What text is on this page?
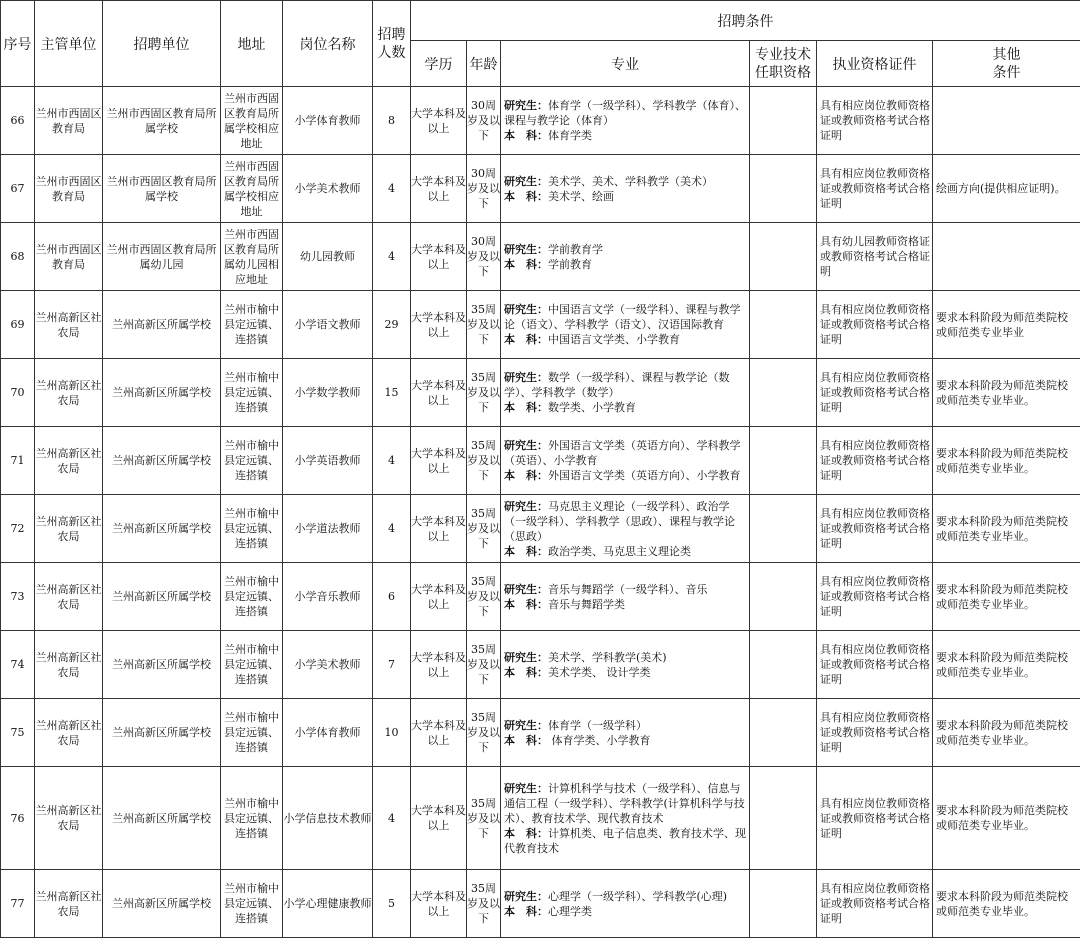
序号	主管单位	招聘单位	地址	岗位名称	招聘
人数	招聘条件					
						学历	年龄	专业	专业技术
任职资格	执业资格证件	其他
条件
66	兰州市西固区教育局	兰州市西固区教育局所属学校	兰州市西固区教育局所属学校相应地址	小学体育教师	8	大学本科及以上	30周岁及以下	研究生：体育学（一级学科）、学科教学（体育）、课程与教学论（体育）
本　科：体育学类		具有相应岗位教师资格证或教师资格考试合格证明	
67	兰州市西固区教育局	兰州市西固区教育局所属学校	兰州市西固区教育局所属学校相应地址	小学美术教师	4	大学本科及以上	30周岁及以下	研究生：美术学、美术、学科教学（美术）
本　科：美术学、绘画		具有相应岗位教师资格证或教师资格考试合格证明	绘画方向(提供相应证明)。
68	兰州市西固区教育局	兰州市西固区教育局所属幼儿园	兰州市西固区教育局所属幼儿园相应地址	幼儿园教师	4	大学本科及以上	30周岁及以下	研究生：学前教育学
本　科：学前教育		具有幼儿园教师资格证或教师资格考试合格证明	
69	兰州高新区社农局	兰州高新区所属学校	兰州市榆中县定远镇、连搭镇	小学语文教师	29	大学本科及以上	35周岁及以下	研究生：中国语言文学（一级学科）、课程与教学论（语文）、学科教学（语文）、汉语国际教育
本　科：中国语言文学类、小学教育		具有相应岗位教师资格证或教师资格考试合格证明	要求本科阶段为师范类院校或师范类专业毕业
70	兰州高新区社农局	兰州高新区所属学校	兰州市榆中县定远镇、连搭镇	小学数学教师	15	大学本科及以上	35周岁及以下	研究生：数学（一级学科）、课程与教学论（数学）、学科教学（数学）
本　科：数学类、小学教育		具有相应岗位教师资格证或教师资格考试合格证明	要求本科阶段为师范类院校或师范类专业毕业。
71	兰州高新区社农局	兰州高新区所属学校	兰州市榆中县定远镇、连搭镇	小学英语教师	4	大学本科及以上	35周岁及以下	研究生：外国语言文学类（英语方向）、学科教学（英语）、小学教育
本　科：外国语言文学类（英语方向）、小学教育		具有相应岗位教师资格证或教师资格考试合格证明	要求本科阶段为师范类院校或师范类专业毕业。
72	兰州高新区社农局	兰州高新区所属学校	兰州市榆中县定远镇、连搭镇	小学道法教师	4	大学本科及以上	35周岁及以下	研究生：马克思主义理论（一级学科）、政治学（一级学科）、学科教学（思政）、课程与教学论（思政）
本　科：政治学类、马克思主义理论类		具有相应岗位教师资格证或教师资格考试合格证明	要求本科阶段为师范类院校或师范类专业毕业。
73	兰州高新区社农局	兰州高新区所属学校	兰州市榆中县定远镇、连搭镇	小学音乐教师	6	大学本科及以上	35周岁及以下	研究生：音乐与舞蹈学（一级学科）、音乐
本　科：音乐与舞蹈学类		具有相应岗位教师资格证或教师资格考试合格证明	要求本科阶段为师范类院校或师范类专业毕业。
74	兰州高新区社农局	兰州高新区所属学校	兰州市榆中县定远镇、连搭镇	小学美术教师	7	大学本科及以上	35周岁及以下	研究生：美术学、学科教学(美术)
本　科：美术学类、 设计学类		具有相应岗位教师资格证或教师资格考试合格证明	要求本科阶段为师范类院校或师范类专业毕业。
75	兰州高新区社农局	兰州高新区所属学校	兰州市榆中县定远镇、连搭镇	小学体育教师	10	大学本科及以上	35周岁及以下	研究生：体育学（一级学科）
本　科： 体育学类、小学教育		具有相应岗位教师资格证或教师资格考试合格证明	要求本科阶段为师范类院校或师范类专业毕业。
76	兰州高新区社农局	兰州高新区所属学校	兰州市榆中县定远镇、连搭镇	小学信息技术教师	4	大学本科及以上	35周岁及以下	研究生：计算机科学与技术（一级学科）、信息与通信工程（一级学科）、学科教学(计算机科学与技术）、教育技术学、现代教育技术
本　科：计算机类、电子信息类、教育技术学、现代教育技术		具有相应岗位教师资格证或教师资格考试合格证明	要求本科阶段为师范类院校或师范类专业毕业。
77	兰州高新区社农局	兰州高新区所属学校	兰州市榆中县定远镇、连搭镇	小学心理健康教师	5	大学本科及以上	35周岁及以下	研究生：心理学（一级学科）、学科教学(心理)
本　科：心理学类		具有相应岗位教师资格证或教师资格考试合格证明	要求本科阶段为师范类院校或师范类专业毕业。
